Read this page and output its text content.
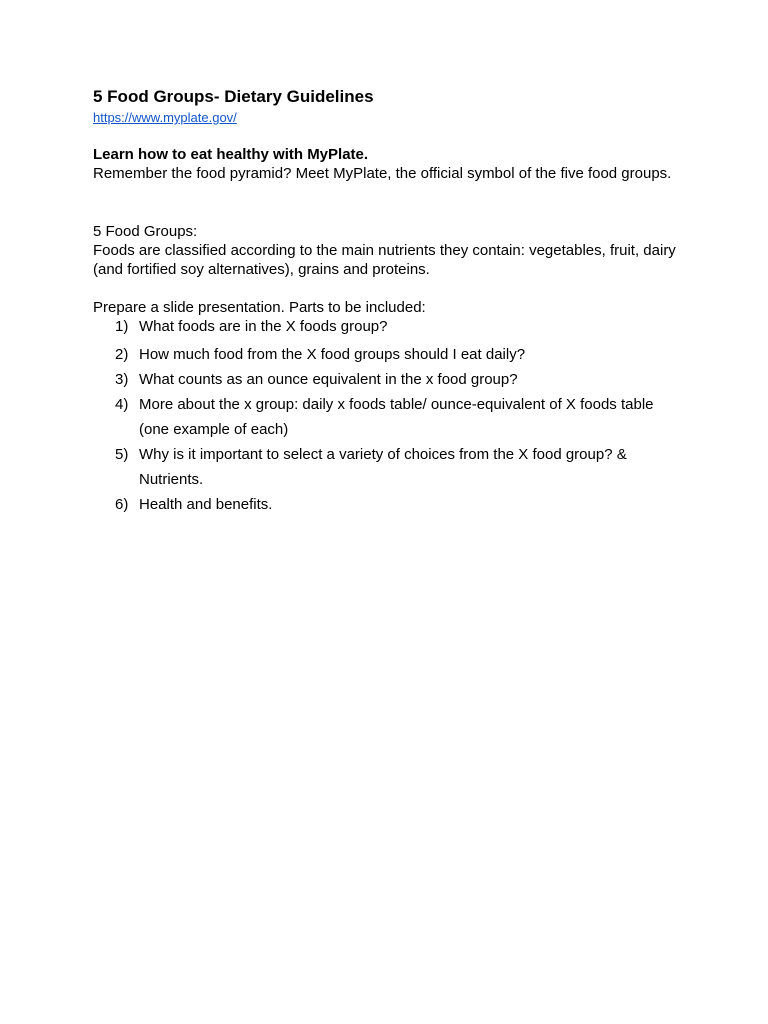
5 Food Groups- Dietary Guidelines
https://www.myplate.gov/

Learn how to eat healthy with MyPlate.

Remember the food pyramid? Meet MyPlate, the official symbol of the five food groups.

5 Food Groups:

Foods are classified according to the main nutrients they contain: vegetables, fruit, dairy (and fortified soy alternatives), grains and proteins.

Prepare a slide presentation. Parts to be included:

1) What foods are in the X foods group?
2) How much food from the X food groups should I eat daily?
3) What counts as an ounce equivalent in the x food group?
4) More about the x group: daily x foods table/ ounce-equivalent of X foods table (one example of each)
5) Why is it important to select a variety of choices from the X food group? & Nutrients.
6) Health and benefits.
